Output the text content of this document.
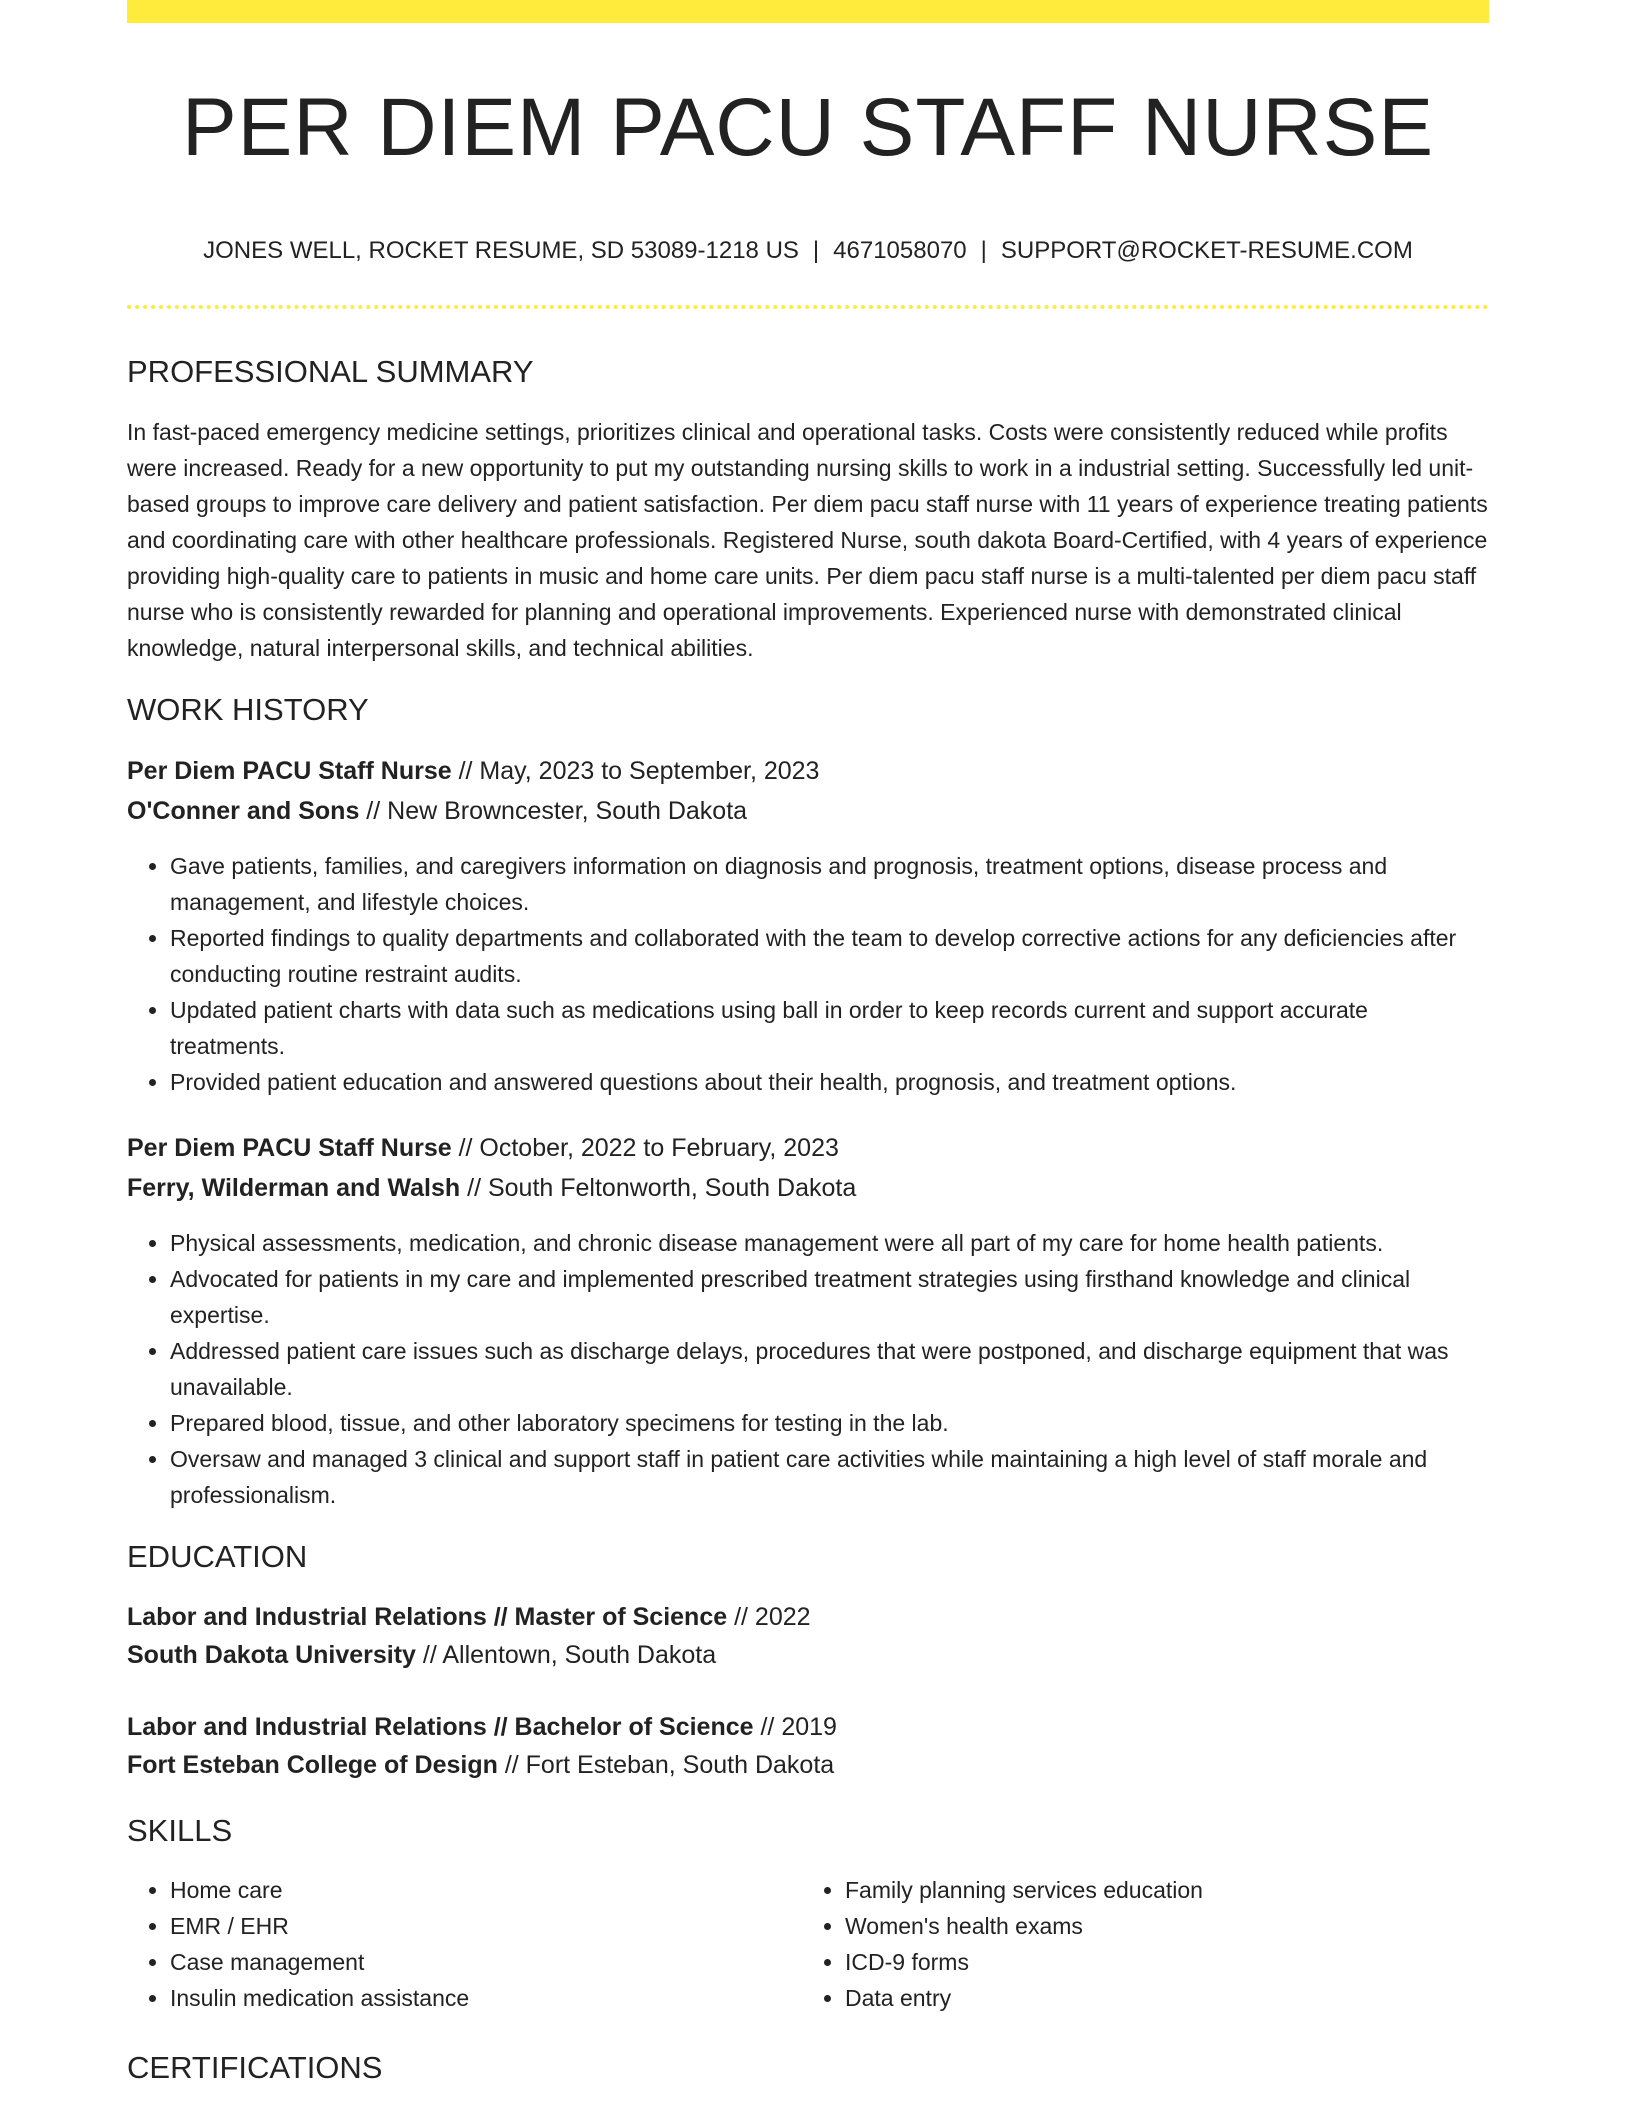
PER DIEM PACU STAFF NURSE
JONES WELL, ROCKET RESUME, SD 53089-1218 US | 4671058070 | SUPPORT@ROCKET-RESUME.COM
PROFESSIONAL SUMMARY

In fast-paced emergency medicine settings, prioritizes clinical and operational tasks. Costs were consistently reduced while profits were increased. Ready for a new opportunity to put my outstanding nursing skills to work in a industrial setting. Successfully led unit-based groups to improve care delivery and patient satisfaction. Per diem pacu staff nurse with 11 years of experience treating patients and coordinating care with other healthcare professionals. Registered Nurse, south dakota Board-Certified, with 4 years of experience providing high-quality care to patients in music and home care units. Per diem pacu staff nurse is a multi-talented per diem pacu staff nurse who is consistently rewarded for planning and operational improvements. Experienced nurse with demonstrated clinical knowledge, natural interpersonal skills, and technical abilities.

WORK HISTORY
Per Diem PACU Staff Nurse // May, 2023 to September, 2023
O'Conner and Sons // New Browncester, South Dakota
• Gave patients, families, and caregivers information on diagnosis and prognosis, treatment options, disease process and management, and lifestyle choices.
• Reported findings to quality departments and collaborated with the team to develop corrective actions for any deficiencies after conducting routine restraint audits.
• Updated patient charts with data such as medications using ball in order to keep records current and support accurate treatments.
• Provided patient education and answered questions about their health, prognosis, and treatment options.
Per Diem PACU Staff Nurse // October, 2022 to February, 2023
Ferry, Wilderman and Walsh // South Feltonworth, South Dakota
• Physical assessments, medication, and chronic disease management were all part of my care for home health patients.
• Advocated for patients in my care and implemented prescribed treatment strategies using firsthand knowledge and clinical expertise.
• Addressed patient care issues such as discharge delays, procedures that were postponed, and discharge equipment that was unavailable.
• Prepared blood, tissue, and other laboratory specimens for testing in the lab.
• Oversaw and managed 3 clinical and support staff in patient care activities while maintaining a high level of staff morale and professionalism.
EDUCATION
Labor and Industrial Relations // Master of Science // 2022
South Dakota University // Allentown, South Dakota
Labor and Industrial Relations // Bachelor of Science // 2019
Fort Esteban College of Design // Fort Esteban, South Dakota
SKILLS
• Home care
• EMR / EHR
• Case management
• Insulin medication assistance
• Family planning services education
• Women's health exams
• ICD-9 forms
• Data entry
CERTIFICATIONS
